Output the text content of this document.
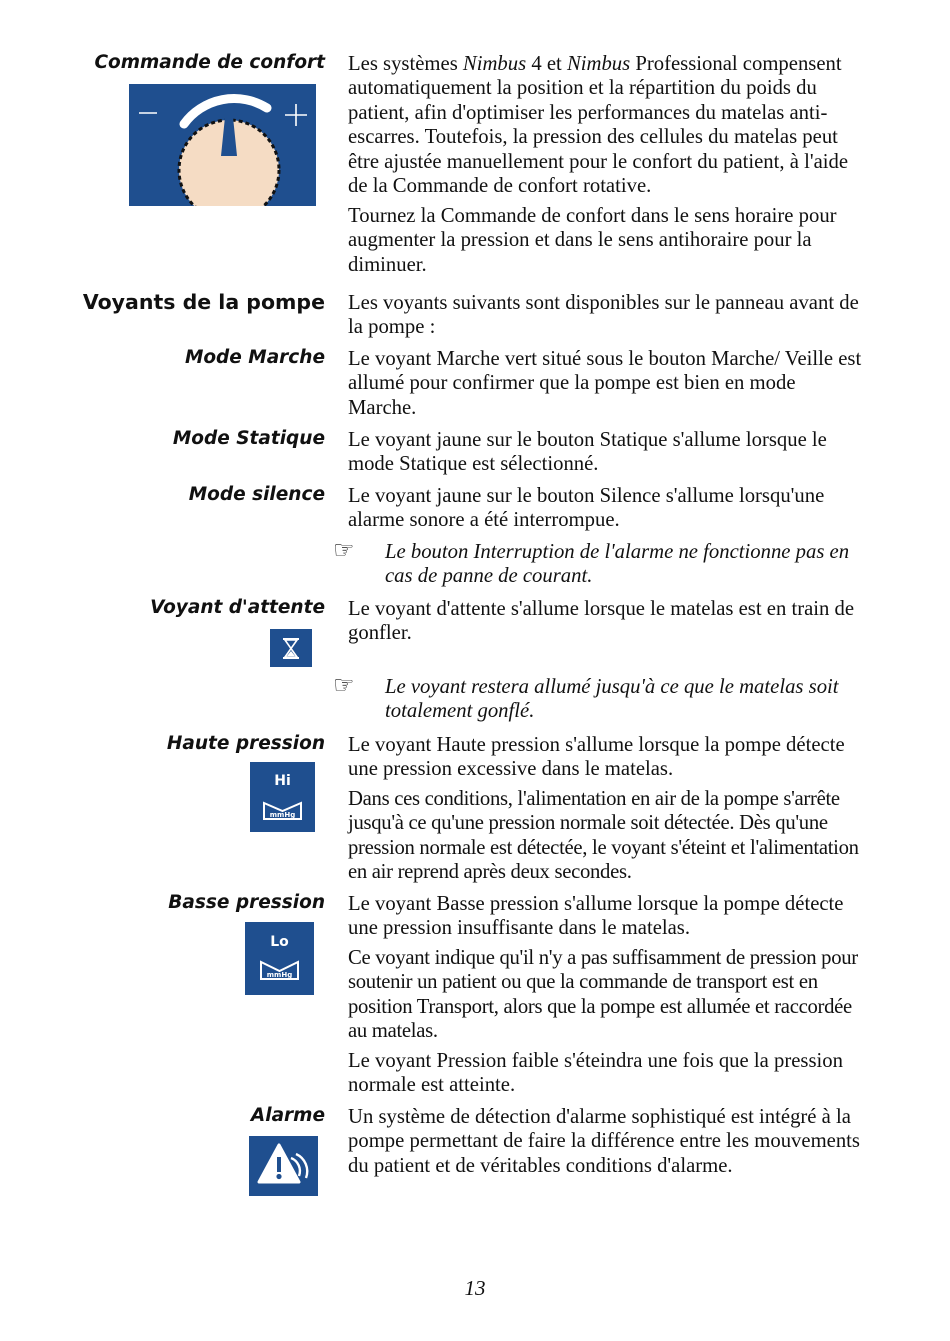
Commande de confort Les systèmes Nimbus 4 et Nimbus Professional compensent automatiquement la position et la répartition du poids du patient, afin d'optimiser les performances du matelas anti-escarres. Toutefois, la pression des cellules du matelas peut être ajustée manuellement pour le confort du patient, à l'aide de la Commande de confort rotative.
Tournez la Commande de confort dans le sens horaire pour augmenter la pression et dans le sens antihoraire pour la diminuer.
Voyants de la pompe Les voyants suivants sont disponibles sur le panneau avant de la pompe :
Mode Marche Le voyant Marche vert situé sous le bouton Marche/ Veille est allumé pour confirmer que la pompe est bien en mode Marche.
Mode Statique Le voyant jaune sur le bouton Statique s'allume lorsque le mode Statique est sélectionné.
Mode silence Le voyant jaune sur le bouton Silence s'allume lorsqu'une alarme sonore a été interrompue.
☞ Le bouton Interruption de l'alarme ne fonctionne pas en cas de panne de courant.
Voyant d'attente Le voyant d'attente s'allume lorsque le matelas est en train de gonfler.
☞ Le voyant restera allumé jusqu'à ce que le matelas soit totalement gonflé.
Haute pression
Hi
mmHg
Le voyant Haute pression s'allume lorsque la pompe détecte une pression excessive dans le matelas.
Dans ces conditions, l'alimentation en air de la pompe s'arrête jusqu'à ce qu'une pression normale soit détectée. Dès qu'une pression normale est détectée, le voyant s'éteint et l'alimentation en air reprend après deux secondes.
Basse pression
Lo
mmHg
Le voyant Basse pression s'allume lorsque la pompe détecte une pression insuffisante dans le matelas.
Ce voyant indique qu'il n'y a pas suffisamment de pression pour soutenir un patient ou que la commande de transport est en position Transport, alors que la pompe est allumée et raccordée au matelas.
Le voyant Pression faible s'éteindra une fois que la pression normale est atteinte.
Alarme Un système de détection d'alarme sophistiqué est intégré à la pompe permettant de faire la différence entre les mouvements du patient et de véritables conditions d'alarme.
13
